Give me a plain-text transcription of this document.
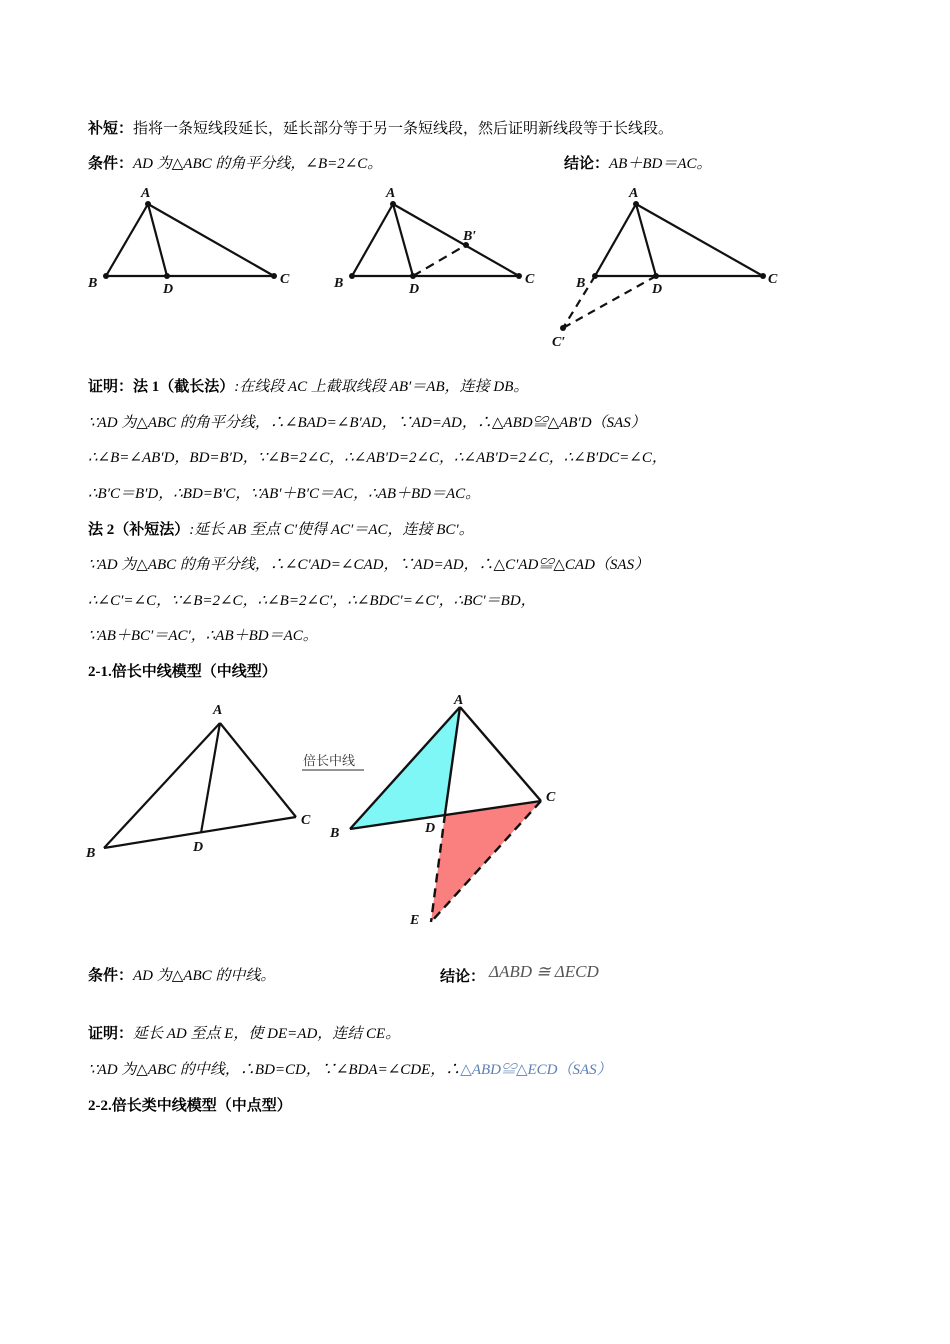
补短：指将一条短线段延长，延长部分等于另一条短线段，然后证明新线段等于长线段。
条件：AD 为△ABC 的角平分线，∠B=2∠C。	结论：AB＋BD＝AC。
A
B	D
C
A
B	D
C
B′
A
B	D
C
C′
A
B	D
C
倍长中线
A
B	D
C
E
证明：法 1（截长法）:在线段 AC 上截取线段 AB′＝AB，连接 DB。
∵AD 为△ABC 的角平分线，∴∠BAD=∠B′AD，∵AD=AD，∴△ABD≌△AB′D（SAS）
∴∠B=∠AB′D，BD=B′D，∵∠B=2∠C，∴∠AB′D=2∠C，∴∠AB′D=2∠C，∴∠B′DC=∠C，
∴B′C＝B′D，∴BD=B′C，∵AB′＋B′C＝AC，∴AB＋BD＝AC。
法 2（补短法）:延长 AB 至点 C′使得 AC′＝AC，连接 BC′。
∵AD 为△ABC 的角平分线，∴∠C′AD=∠CAD，∵AD=AD，∴△C′AD≌△CAD（SAS）
∴∠C′=∠C，∵∠B=2∠C，∴∠B=2∠C′，∴∠BDC′=∠C′，∴BC′＝BD，
∵AB＋BC′＝AC′，∴AB＋BD＝AC。
2-1.倍长中线模型（中线型）
条件：AD 为△ABC 的中线。	结论： ΔABD ≅ ΔECD
证明：延长 AD 至点 E，使 DE=AD，连结 CE。
∵AD 为△ABC 的中线，∴BD=CD，∵∠BDA=∠CDE，∴△ABD≌△ECD（SAS）
2-2.倍长类中线模型（中点型）
